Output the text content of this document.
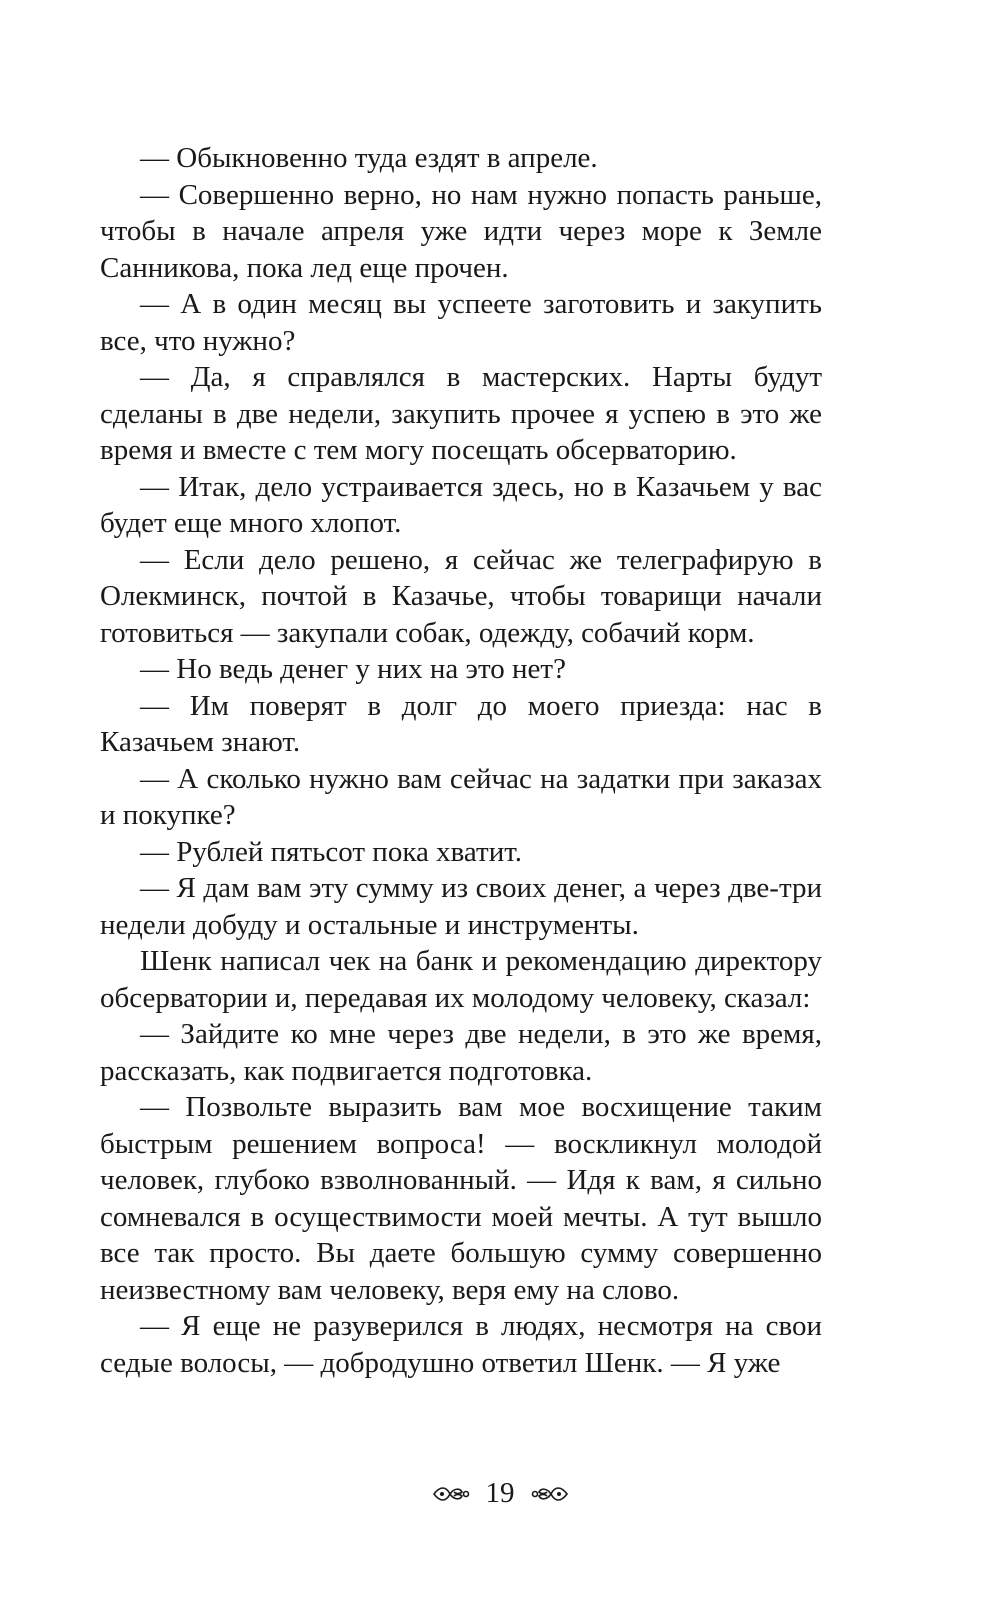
— Обыкновенно туда ездят в апреле.

— Совершенно верно, но нам нужно попасть раньше, чтобы в начале апреля уже идти через море к Земле Санникова, пока лед еще прочен.

— А в один месяц вы успеете заготовить и закупить все, что нужно?

— Да, я справлялся в мастерских. Нарты будут сделаны в две недели, закупить прочее я успею в это же время и вместе с тем могу посещать обсерваторию.

— Итак, дело устраивается здесь, но в Казачьем у вас будет еще много хлопот.

— Если дело решено, я сейчас же телеграфирую в Олекминск, почтой в Казачье, чтобы товарищи начали готовиться — закупали собак, одежду, собачий корм.

— Но ведь денег у них на это нет?

— Им поверят в долг до моего приезда: нас в Казачьем знают.

— А сколько нужно вам сейчас на задатки при заказах и покупке?

— Рублей пятьсот пока хватит.

— Я дам вам эту сумму из своих денег, а через две-три недели добуду и остальные и инструменты.

Шенк написал чек на банк и рекомендацию директору обсерватории и, передавая их молодому человеку, сказал:

— Зайдите ко мне через две недели, в это же время, рассказать, как подвигается подготовка.

— Позвольте выразить вам мое восхищение таким быстрым решением вопроса! — воскликнул молодой человек, глубоко взволнованный. — Идя к вам, я сильно сомневался в осуществимости моей мечты. А тут вышло все так просто. Вы даете большую сумму совершенно неизвестному вам человеку, веря ему на слово.

— Я еще не разуверился в людях, несмотря на свои седые волосы, — добродушно ответил Шенк. — Я уже

19
